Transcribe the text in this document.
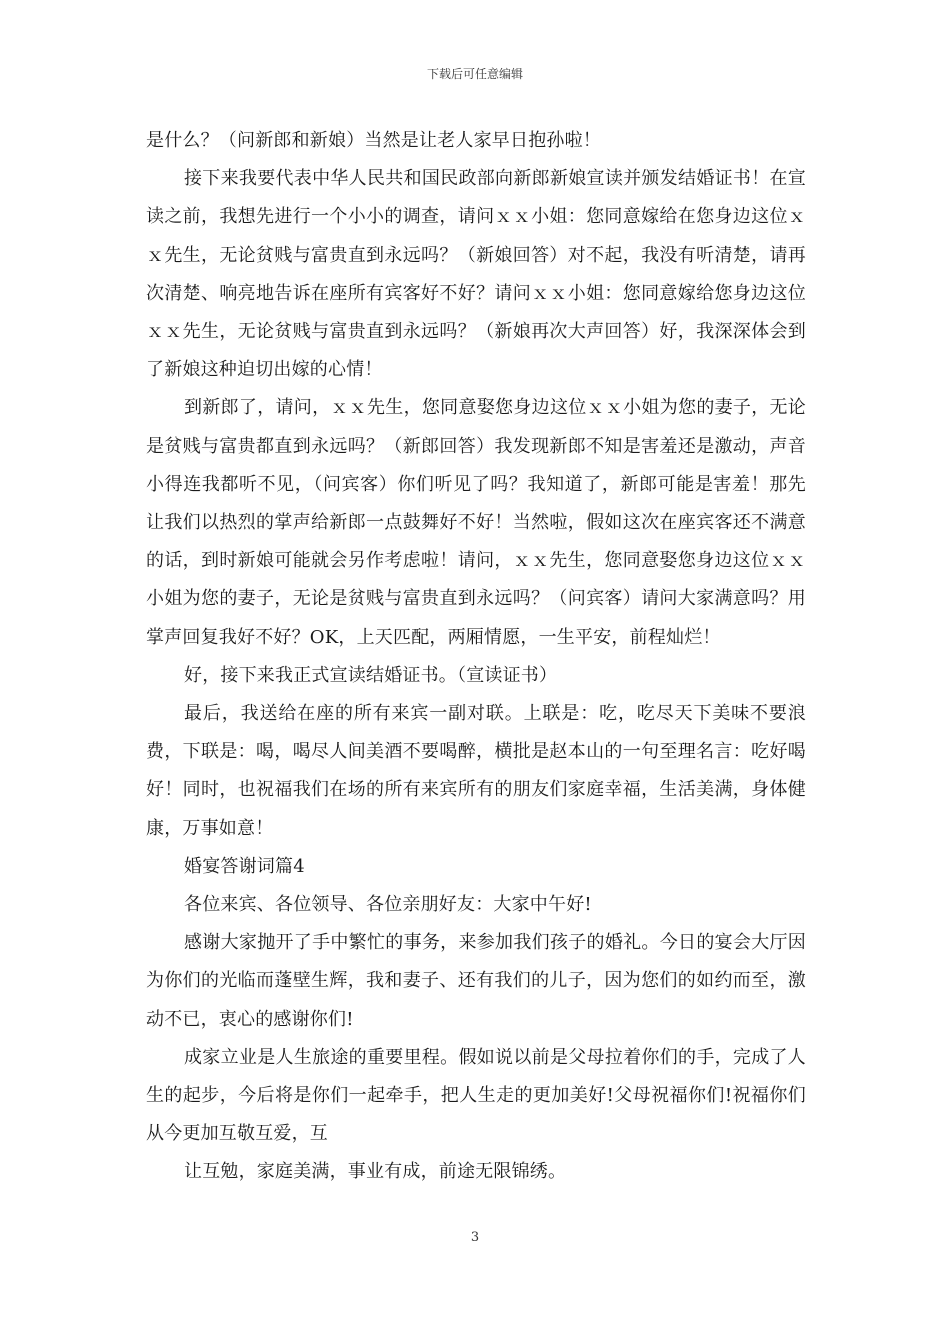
下载后可任意编辑

是什么？（问新郎和新娘）当然是让老人家早日抱孙啦！

接下来我要代表中华人民共和国民政部向新郎新娘宣读并颁发结婚证书！在宣读之前，我想先进行一个小小的调查，请问ｘｘ小姐：您同意嫁给在您身边这位ｘｘ先生，无论贫贱与富贵直到永远吗？（新娘回答）对不起，我没有听清楚，请再次清楚、响亮地告诉在座所有宾客好不好？请问ｘｘ小姐：您同意嫁给您身边这位ｘｘ先生，无论贫贱与富贵直到永远吗？（新娘再次大声回答）好，我深深体会到了新娘这种迫切出嫁的心情！

到新郎了，请问，ｘｘ先生，您同意娶您身边这位ｘｘ小姐为您的妻子，无论是贫贱与富贵都直到永远吗？（新郎回答）我发现新郎不知是害羞还是激动，声音小得连我都听不见，（问宾客）你们听见了吗？我知道了，新郎可能是害羞！那先让我们以热烈的掌声给新郎一点鼓舞好不好！当然啦，假如这次在座宾客还不满意的话，到时新娘可能就会另作考虑啦！请问，ｘｘ先生，您同意娶您身边这位ｘｘ小姐为您的妻子，无论是贫贱与富贵直到永远吗？（问宾客）请问大家满意吗？用掌声回复我好不好？OK，上天匹配，两厢情愿，一生平安，前程灿烂！

好，接下来我正式宣读结婚证书。（宣读证书）

最后，我送给在座的所有来宾一副对联。上联是：吃，吃尽天下美味不要浪费，下联是：喝，喝尽人间美酒不要喝醉，横批是赵本山的一句至理名言：吃好喝好！同时，也祝福我们在场的所有来宾所有的朋友们家庭幸福，生活美满，身体健康，万事如意！

婚宴答谢词篇4

各位来宾、各位领导、各位亲朋好友：大家中午好!

感谢大家抛开了手中繁忙的事务，来参加我们孩子的婚礼。今日的宴会大厅因为你们的光临而蓬壁生辉，我和妻子、还有我们的儿子，因为您们的如约而至，激动不已，衷心的感谢你们!

成家立业是人生旅途的重要里程。假如说以前是父母拉着你们的手，完成了人生的起步，今后将是你们一起牵手，把人生走的更加美好!父母祝福你们!祝福你们从今更加互敬互爱，互

让互勉，家庭美满，事业有成，前途无限锦绣。

3
